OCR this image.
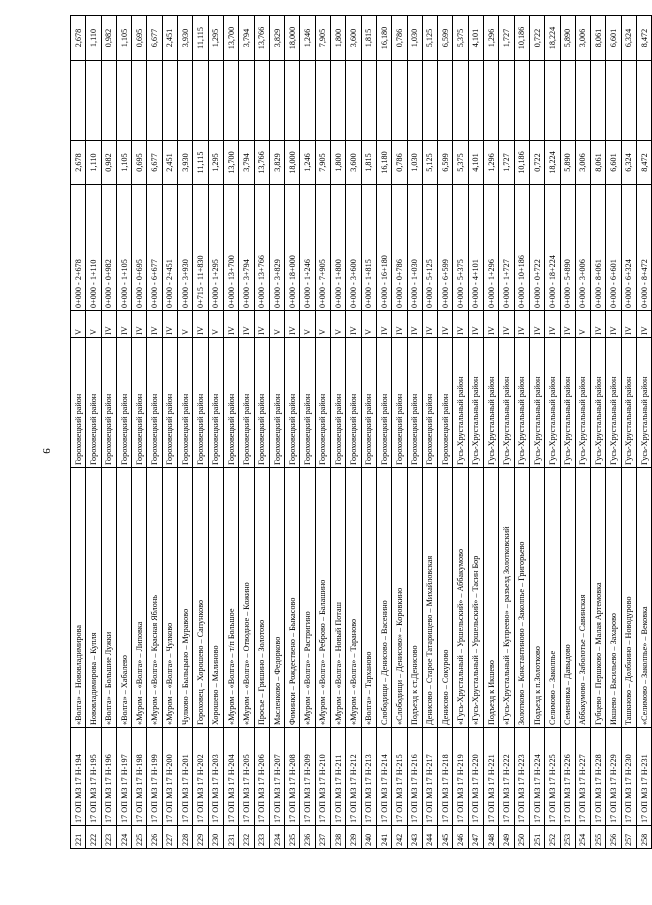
9
221	17 ОП МЗ 17 Н-194	«Волга» – Нововладимирова	Гороховецкий район	V	0+000 - 2+678	2,678		2,678
222	17 ОП МЗ 17 Н-195	Нововладимирова – Купля	Гороховецкий район	V	0+000 - 1+110	1,110		1,110
223	17 ОП МЗ 17 Н-196	«Волга» – Большие Лужки	Гороховецкий район	IV	0+000 - 0+982	0,982		0,982
224	17 ОП МЗ 17 Н-197	«Волга» – Хабалево	Гороховецкий район	IV	0+000 - 1+105	1,105		1,105
225	17 ОП МЗ 17 Н-198	«Муром – «Волга» – Липовка	Гороховецкий район	IV	0+000 - 0+695	0,695		0,695
226	17 ОП МЗ 17 Н-199	«Муром – «Волга» – Красная Яблонь	Гороховецкий район	IV	0+000 - 6+677	6,677		6,677
227	17 ОП МЗ 17 Н-200	«Муром – «Волга» – Чулково	Гороховецкий район	IV	0+000 - 2+451	2,451		2,451
228	17 ОП МЗ 17 Н-201	Чулково – Быльцыно – Муравово	Гороховецкий район	V	0+000 - 3+930	3,930		3,930
229	17 ОП МЗ 17 Н-202	Гороховец – Хорошево – Сапунково	Гороховецкий район	IV	0+715 - 11+830	11,115		11,115
230	17 ОП МЗ 17 Н-203	Хорошево – Малиново	Гороховецкий район	V	0+000 - 1+295	1,295		1,295
231	17 ОП МЗ 17 Н-204	«Муром – «Волга» – т/п Большое	Гороховецкий район	IV	0+000 - 13+700	13,700		13,700
232	17 ОП МЗ 17 Н-205	«Муром – «Волга» – Отводное – Кожино	Гороховецкий район	IV	0+000 - 3+794	3,794		3,794
233	17 ОП МЗ 17 Н-206	Просье – Гришино – Золотово	Гороховецкий район	IV	0+000 - 13+766	13,766		13,766
234	17 ОП МЗ 17 Н-207	Масленково – Федорково	Гороховецкий район	V	0+000 - 3+829	3,829		3,829
235	17 ОП МЗ 17 Н-208	Фоминки – Рождествено – Быкасово	Гороховецкий район	IV	0+000 - 18+000	18,000		18,000
236	17 ОП МЗ 17 Н-209	«Муром – «Волга» – Растригино	Гороховецкий район	V	0+000 - 1+246	1,246		1,246
237	17 ОП МЗ 17 Н-210	«Муром – «Волга» – Реброво – Балашино	Гороховецкий район	V	0+000 - 7+905	7,905		7,905
238	17 ОП МЗ 17 Н-211	«Муром – «Волга» – Новый Поташ	Гороховецкий район	V	0+000 - 1+800	1,800		1,800
239	17 ОП МЗ 17 Н-212	«Муром – «Волга» – Тараново	Гороховецкий район	IV	0+000 - 3+600	3,600		3,600
240	17 ОП МЗ 17 Н-213	«Волга» – Тарханово	Гороховецкий район	V	0+000 - 1+815	1,815		1,815
241	17 ОП МЗ 17 Н-214	Слободищи – Денисово – Васенино	Гороховецкий район	IV	0+000 - 16+180	16,180		16,180
242	17 ОП МЗ 17 Н-215	«Слободищи – Денисово» – Коровкино	Гороховецкий район	IV	0+000 - 0+786	0,786		0,786
243	17 ОП МЗ 17 Н-216	Подъезд к ст.Денисово	Гороховецкий район	IV	0+000 - 1+030	1,030		1,030
244	17 ОП МЗ 17 Н-217	Денисово – Старое Татарищево – Михайловская	Гороховецкий район	IV	0+000 - 5+125	5,125		5,125
245	17 ОП МЗ 17 Н-218	Денисово – Сокурово	Гороховецкий район	IV	0+000 - 6+599	6,599		6,599
246	17 ОП МЗ 17 Н-219	«Гусь-Хрустальный – Уршельский» – Аббакумово	Гусь-Хрустальный район	IV	0+000 - 5+375	5,375		5,375
247	17 ОП МЗ 17 Н-220	«Гусь-Хрустальный – Уршельский» – Тасин Бор	Гусь-Хрустальный район	IV	0+000 - 4+101	4,101		4,101
248	17 ОП МЗ 17 Н-221	Подъезд к Икшево	Гусь-Хрустальный район	IV	0+000 - 1+296	1,296		1,296
249	17 ОП МЗ 17 Н-222	«Гусь-Хрустальный – Купреево» – разъезд Золотковский	Гусь-Хрустальный район	IV	0+000 - 1+727	1,727		1,727
250	17 ОП МЗ 17 Н-223	Золотково – Константиново – Заколпье – Григорьево	Гусь-Хрустальный район	IV	0+000 - 10+186	10,186		10,186
251	17 ОП МЗ 17 Н-224	Подъезд к п.Золотково	Гусь-Хрустальный район	IV	0+000 - 0+722	0,722		0,722
252	17 ОП МЗ 17 Н-225	Селимово – Заколпье	Гусь-Хрустальный район	IV	0+000 - 18+224	18,224		18,224
253	17 ОП МЗ 17 Н-226	Семеновка – Давыдово	Гусь-Хрустальный район	IV	0+000 - 5+890	5,890		5,890
254	17 ОП МЗ 17 Н-227	Аббакумово – Заболотье – Савинская	Гусь-Хрустальный район	V	0+000 - 3+006	3,006		3,006
255	17 ОП МЗ 17 Н-228	Губцево – Першково – Малая Артемовка	Гусь-Хрустальный район	IV	0+000 - 8+061	8,061		8,061
256	17 ОП МЗ 17 Н-229	Икшево – Васильево – Захарово	Гусь-Хрустальный район	IV	0+000 - 6+601	6,601		6,601
257	17 ОП МЗ 17 Н-230	Ташкново – Долбнино – Новодурово	Гусь-Хрустальный район	IV	0+000 - 6+324	6,324		6,324
258	17 ОП МЗ 17 Н-231	«Селимово – Заколпье» – Вековка	Гусь-Хрустальный район	IV	0+000 - 8+472	8,472		8,472
